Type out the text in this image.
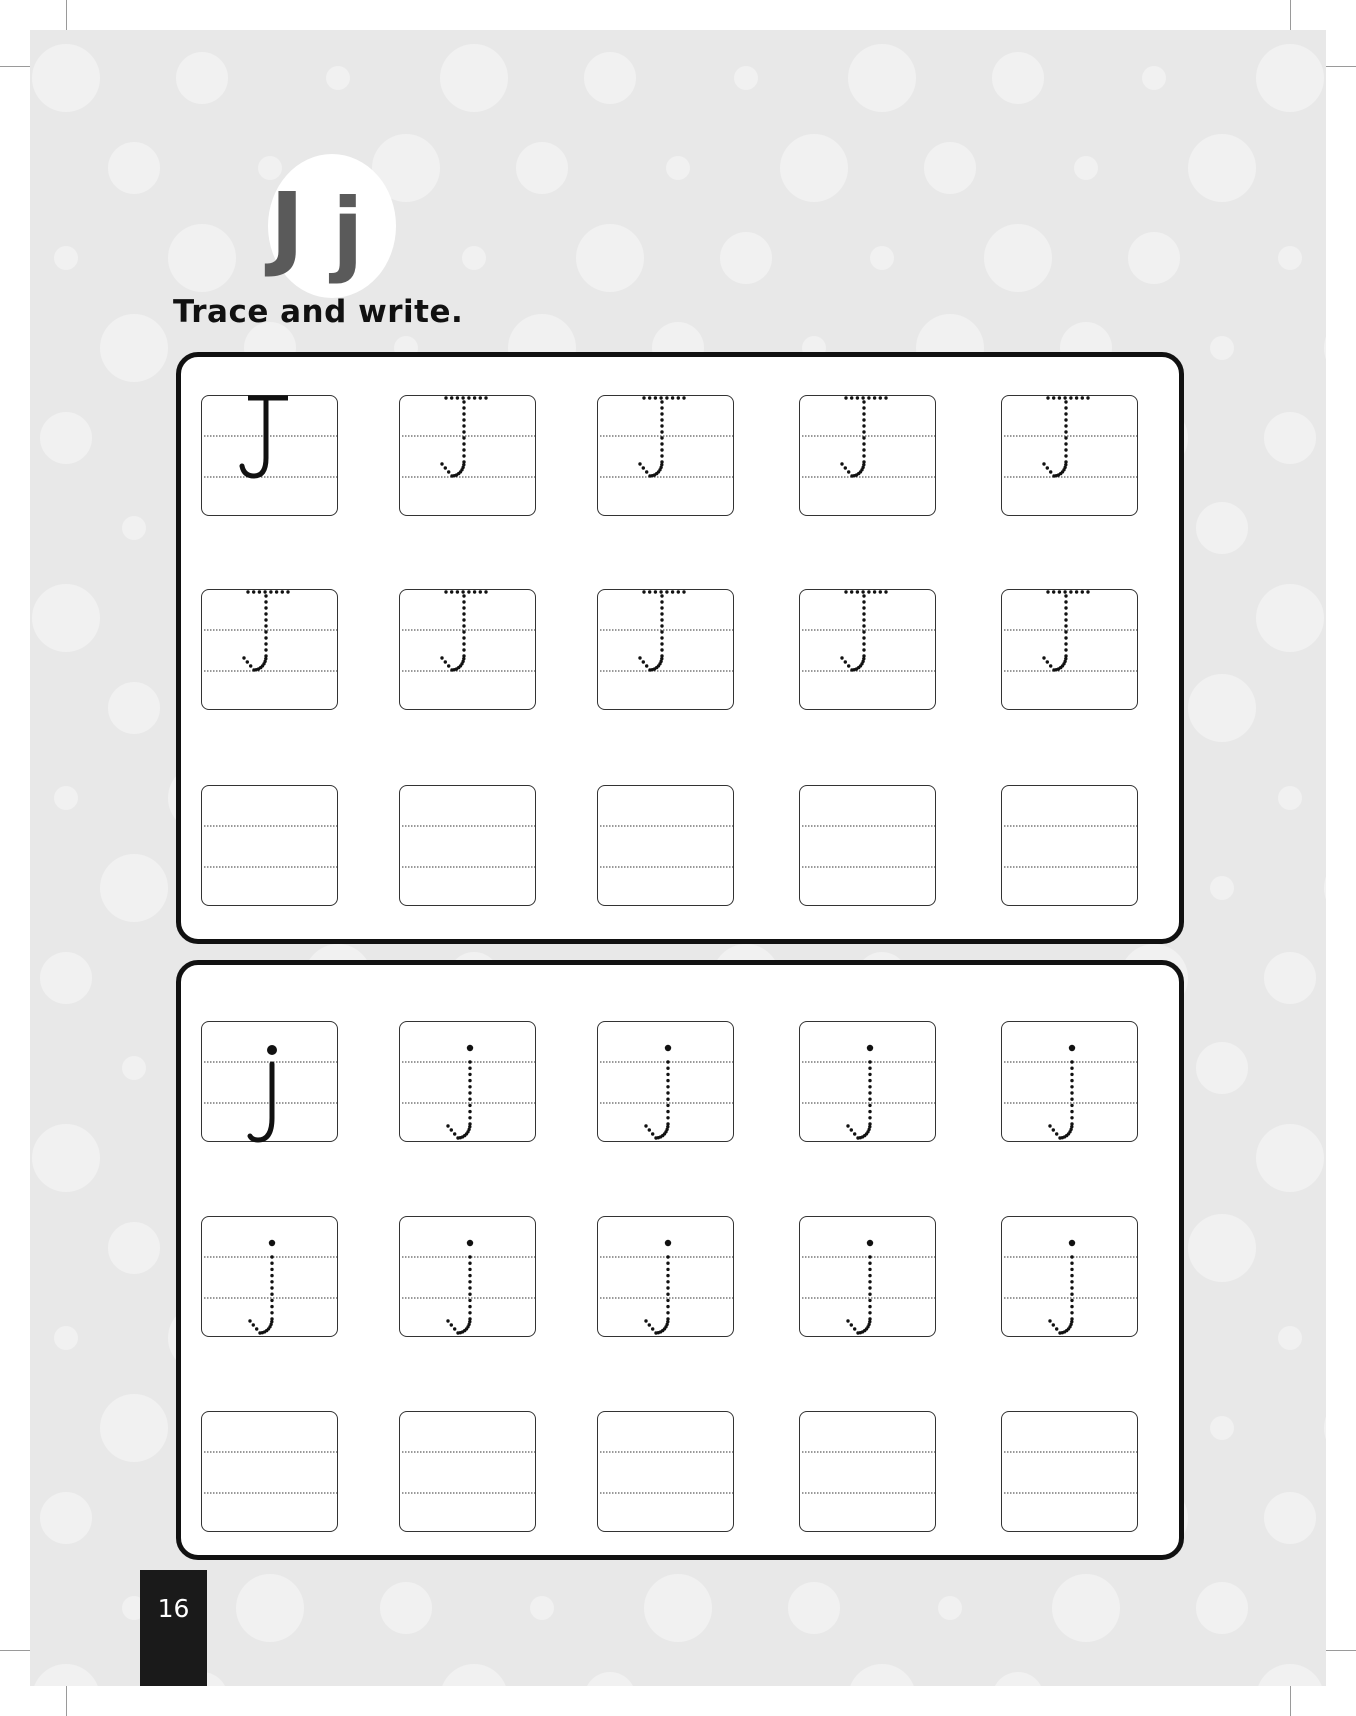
J j
16
Trace and write.
